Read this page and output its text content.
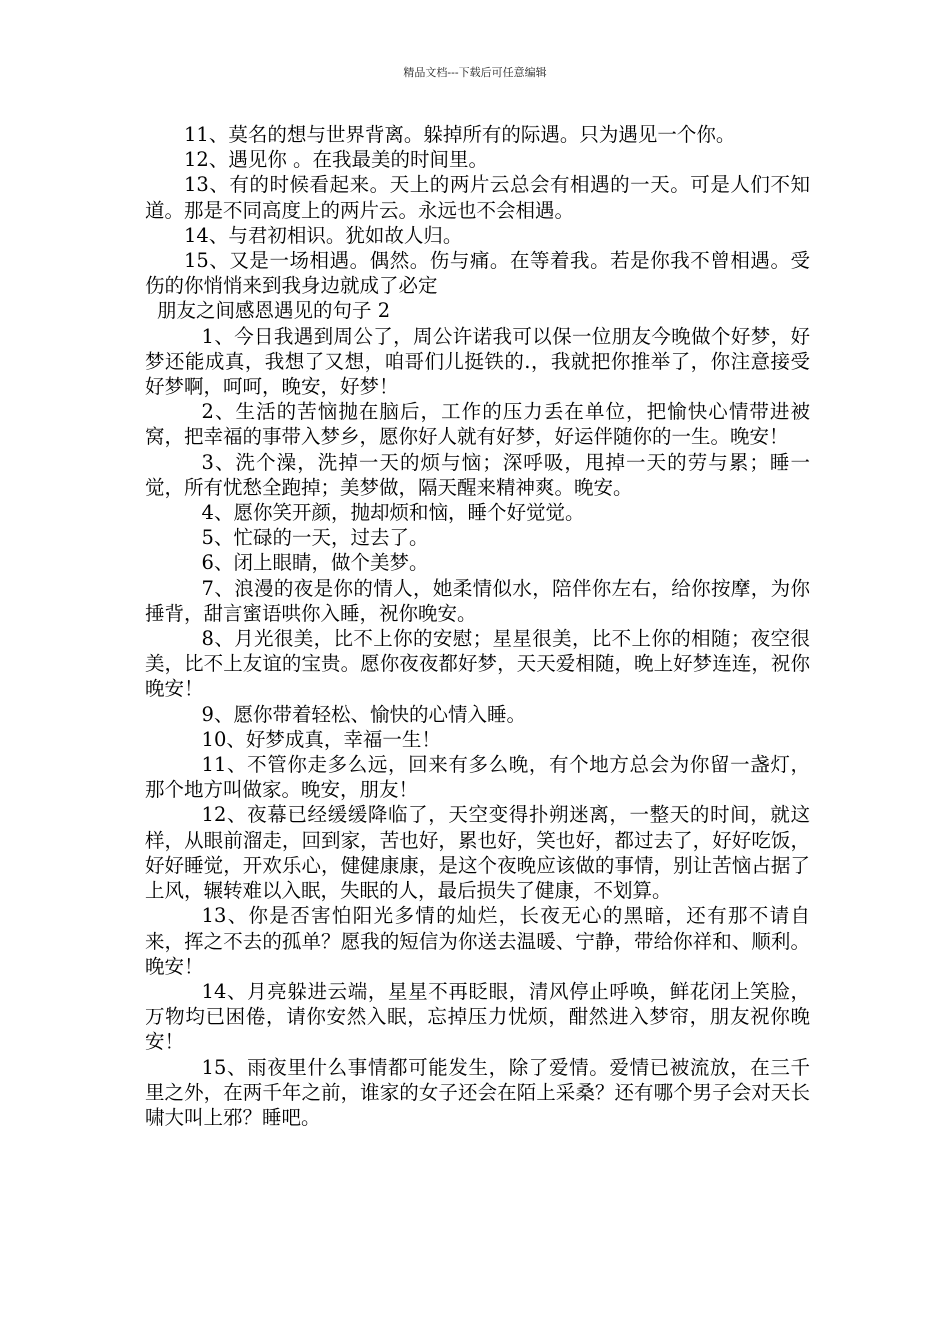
精品文档---下载后可任意编辑

11、莫名的想与世界背离。躲掉所有的际遇。只为遇见一个你。

12、遇见你 。在我最美的时间里。

13、有的时候看起来。天上的两片云总会有相遇的一天。可是人们不知道。那是不同高度上的两片云。永远也不会相遇。

14、与君初相识。犹如故人归。

15、又是一场相遇。偶然。伤与痛。在等着我。若是你我不曾相遇。受伤的你悄悄来到我身边就成了必定

朋友之间感恩遇见的句子 2

1、今日我遇到周公了，周公许诺我可以保一位朋友今晚做个好梦，好梦还能成真，我想了又想，咱哥们儿挺铁的.，我就把你推举了，你注意接受好梦啊，呵呵，晚安，好梦！

2、生活的苦恼抛在脑后，工作的压力丢在单位，把愉快心情带进被窝，把幸福的事带入梦乡，愿你好人就有好梦，好运伴随你的一生。晚安！

3、洗个澡，洗掉一天的烦与恼；深呼吸，甩掉一天的劳与累；睡一觉，所有忧愁全跑掉；美梦做，隔天醒来精神爽。晚安。

4、愿你笑开颜，抛却烦和恼，睡个好觉觉。

5、忙碌的一天，过去了。

6、闭上眼睛，做个美梦。

7、浪漫的夜是你的情人，她柔情似水，陪伴你左右，给你按摩，为你捶背，甜言蜜语哄你入睡，祝你晚安。

8、月光很美，比不上你的安慰；星星很美，比不上你的相随；夜空很美，比不上友谊的宝贵。愿你夜夜都好梦，天天爱相随，晚上好梦连连，祝你晚安！

9、愿你带着轻松、愉快的心情入睡。

10、好梦成真，幸福一生！

11、不管你走多么远，回来有多么晚，有个地方总会为你留一盏灯，那个地方叫做家。晚安，朋友！

12、夜幕已经缓缓降临了，天空变得扑朔迷离，一整天的时间，就这样，从眼前溜走，回到家，苦也好，累也好，笑也好，都过去了，好好吃饭，好好睡觉，开欢乐心，健健康康，是这个夜晚应该做的事情，别让苦恼占据了上风，辗转难以入眠，失眠的人，最后损失了健康，不划算。

13、你是否害怕阳光多情的灿烂，长夜无心的黑暗，还有那不请自来，挥之不去的孤单？愿我的短信为你送去温暖、宁静，带给你祥和、顺利。晚安！

14、月亮躲进云端，星星不再眨眼，清风停止呼唤，鲜花闭上笑脸，万物均已困倦，请你安然入眠，忘掉压力忧烦，酣然进入梦帘，朋友祝你晚安！

15、雨夜里什么事情都可能发生，除了爱情。爱情已被流放，在三千里之外，在两千年之前，谁家的女子还会在陌上采桑？还有哪个男子会对天长啸大叫上邪？睡吧。
